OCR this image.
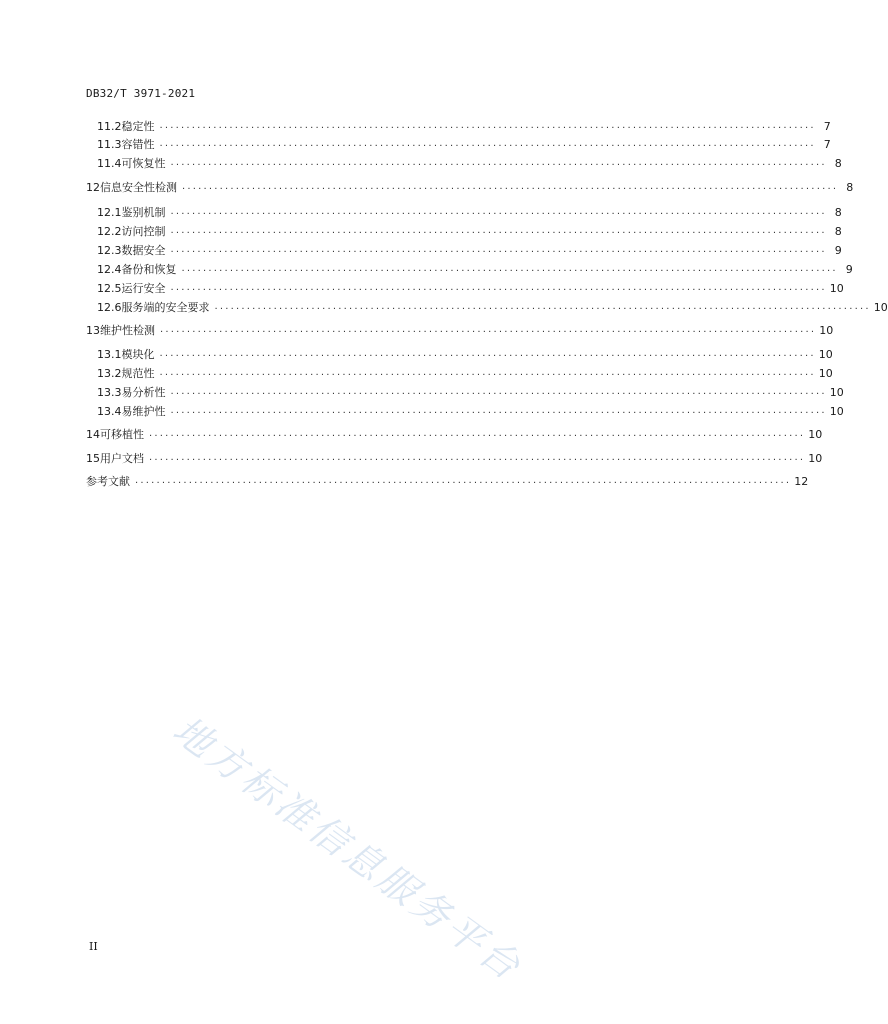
DB32/T 3971-2021
11.2 稳定性 .......................................................................................................................... 7
11.3 容错性 .......................................................................................................................... 7
11.4 可恢复性 .......................................................................................................................... 8
12 信息安全性检测 .......................................................................................................................... 8
12.1 鉴别机制 .......................................................................................................................... 8
12.2 访问控制 .......................................................................................................................... 8
12.3 数据安全 .......................................................................................................................... 9
12.4 备份和恢复 .......................................................................................................................... 9
12.5 运行安全 .......................................................................................................................... 10
12.6 服务端的安全要求 .......................................................................................................................... 10
13 维护性检测 .......................................................................................................................... 10
13.1 模块化 .......................................................................................................................... 10
13.2 规范性 .......................................................................................................................... 10
13.3 易分析性 .......................................................................................................................... 10
13.4 易维护性 .......................................................................................................................... 10
14 可移植性 .......................................................................................................................... 10
15 用户文档 .......................................................................................................................... 10
参考文献 .......................................................................................................................... 12
地方标准信息服务平台
II
